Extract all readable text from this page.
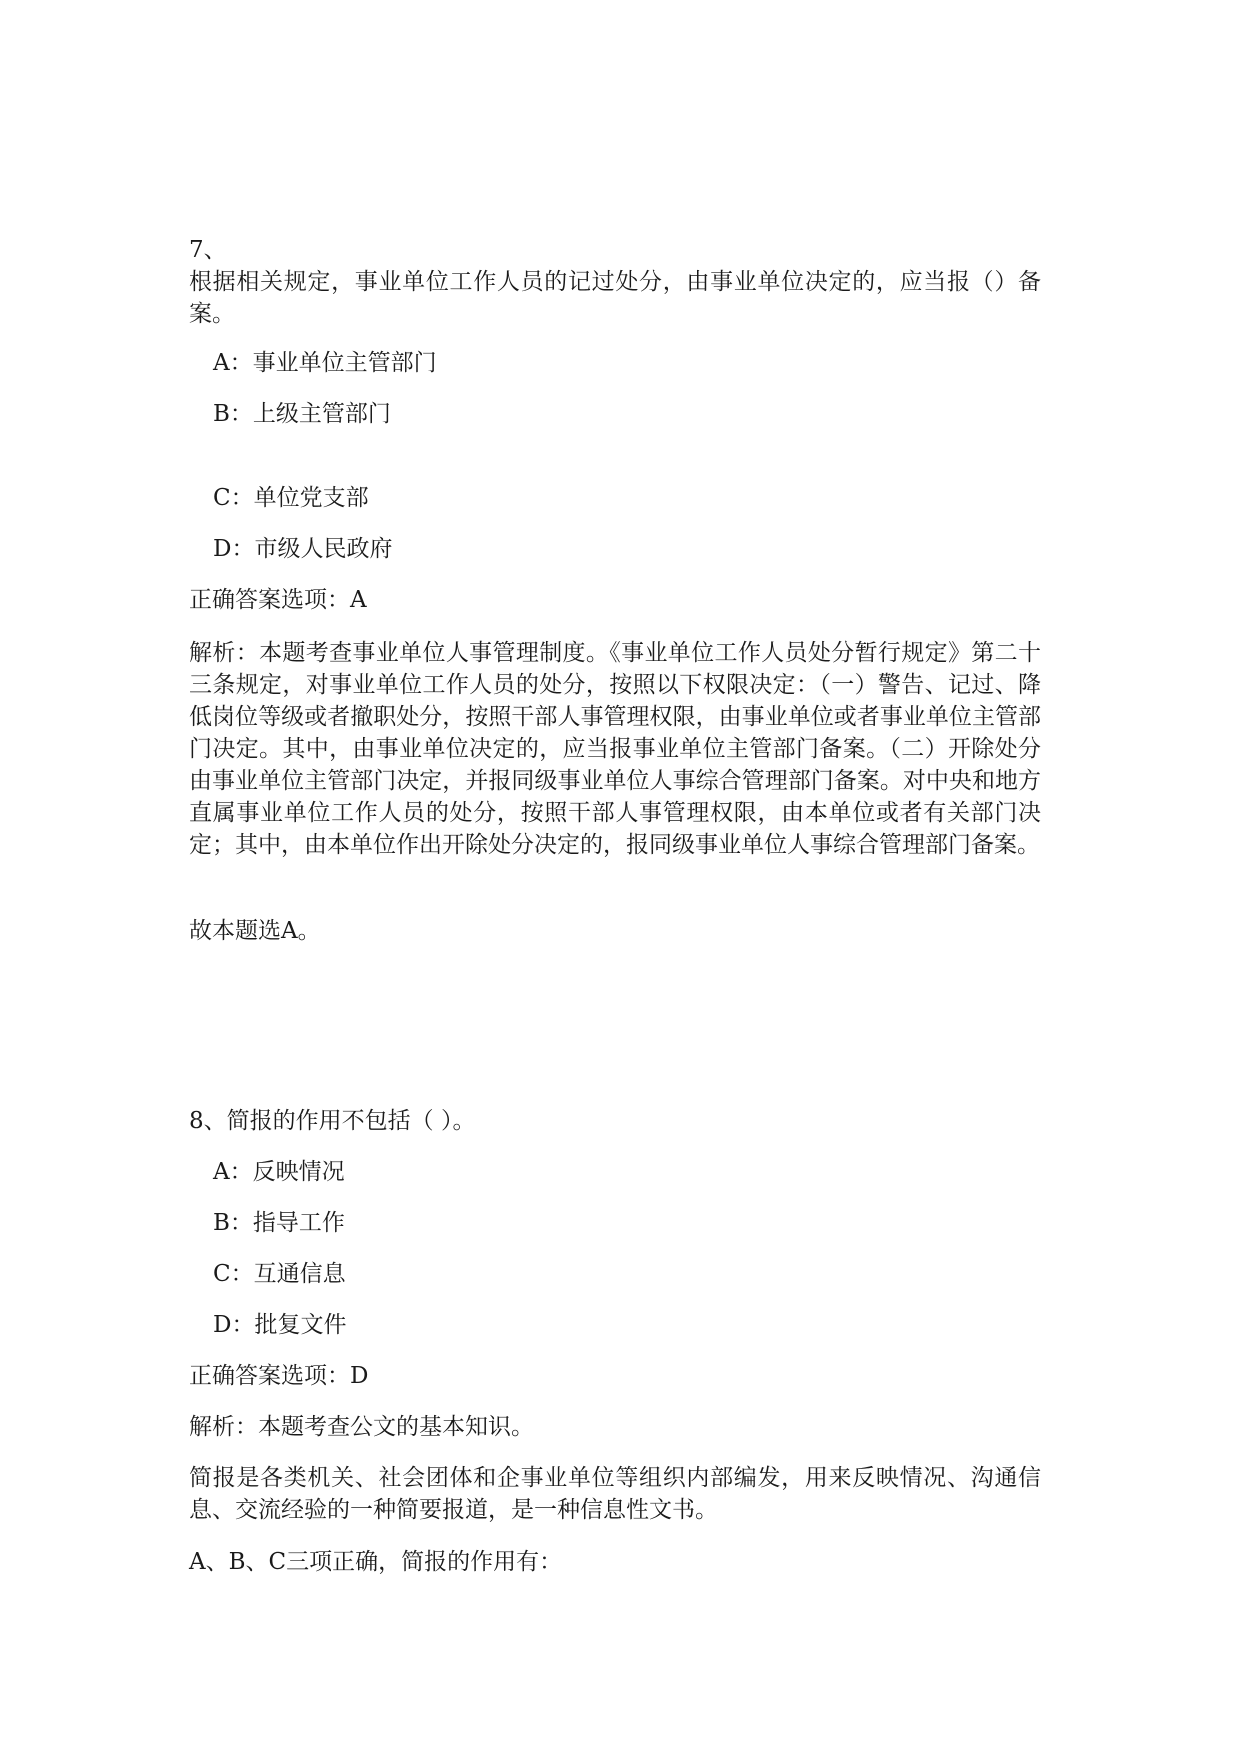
7、
根据相关规定，事业单位工作人员的记过处分，由事业单位决定的，应当报（）备案。
A：事业单位主管部门
B：上级主管部门
C：单位党支部
D：市级人民政府
正确答案选项：A
解析：本题考查事业单位人事管理制度。《事业单位工作人员处分暂行规定》第二十三条规定，对事业单位工作人员的处分，按照以下权限决定：（一）警告、记过、降低岗位等级或者撤职处分，按照干部人事管理权限，由事业单位或者事业单位主管部门决定。其中，由事业单位决定的，应当报事业单位主管部门备案。（二）开除处分由事业单位主管部门决定，并报同级事业单位人事综合管理部门备案。对中央和地方直属事业单位工作人员的处分，按照干部人事管理权限，由本单位或者有关部门决定；其中，由本单位作出开除处分决定的，报同级事业单位人事综合管理部门备案。
故本题选A。
8、简报的作用不包括（ ）。
A：反映情况
B：指导工作
C：互通信息
D：批复文件
正确答案选项：D
解析：本题考查公文的基本知识。
简报是各类机关、社会团体和企事业单位等组织内部编发，用来反映情况、沟通信息、交流经验的一种简要报道，是一种信息性文书。
A、B、C三项正确，简报的作用有：
